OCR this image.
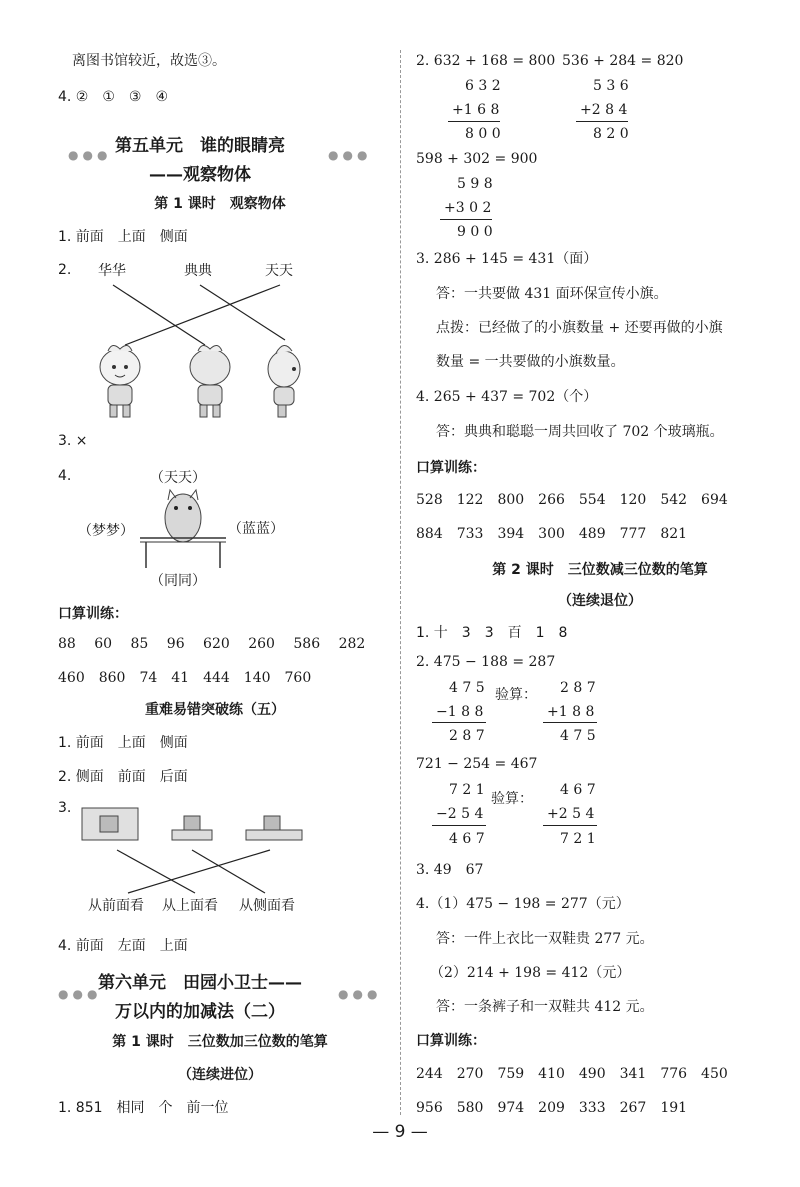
离图书馆较近，故选③。
4. ②　①　③　④
●●●	●●●
第五单元　谁的眼睛亮
——观察物体
第 1 课时　观察物体
1. 前面　上面　侧面
2. 华华	典典	天天
3. ×
4.	（天天）
（梦梦）	（蓝蓝）
（同同）
口算训练：
88　 60　 85　 96　 620　 260　 586　 282
460　860　74　41　444　140　760
重难易错突破练（五）
1. 前面　上面　侧面
2. 侧面　前面　后面
3.
从前面看 从上面看 从侧面看
4. 前面　左面　上面
●●●	●●●
第六单元　田园小卫士——
万以内的加减法（二）
第 1 课时　三位数加三位数的笔算
（连续进位）
1. 851　相同　个　前一位
2. 632 + 168 = 800 536 + 284 = 820
6 3 2
+1 6 8
8 0 0
5 3 6
+2 8 4
8 2 0
598 + 302 = 900
5 9 8
+3 0 2
9 0 0
3. 286 + 145 = 431（面）
答：一共要做 431 面环保宣传小旗。
点拨：已经做了的小旗数量 + 还要再做的小旗
数量 = 一共要做的小旗数量。
4. 265 + 437 = 702（个）
答：典典和聪聪一周共回收了 702 个玻璃瓶。
口算训练：
528　122　800　266　554　120　542　694
884　733　394　300　489　777　821
第 2 课时　三位数减三位数的笔算
（连续退位）
1. 十　3　3　百　1　8
2. 475 − 188 = 287
4 7 5
−1 8 8
2 8 7
验算： 2 8 7
+1 8 8
4 7 5
721 − 254 = 467
7 2 1
−2 5 4
4 6 7
验算：
4 6 7
+2 5 4
7 2 1
3. 49　67
4.（1）475 − 198 = 277（元）
答：一件上衣比一双鞋贵 277 元。
（2）214 + 198 = 412（元）
答：一条裤子和一双鞋共 412 元。
口算训练：
244　270　759　410　490　341　776　450
956　580　974　209　333　267　191
— 9 —
